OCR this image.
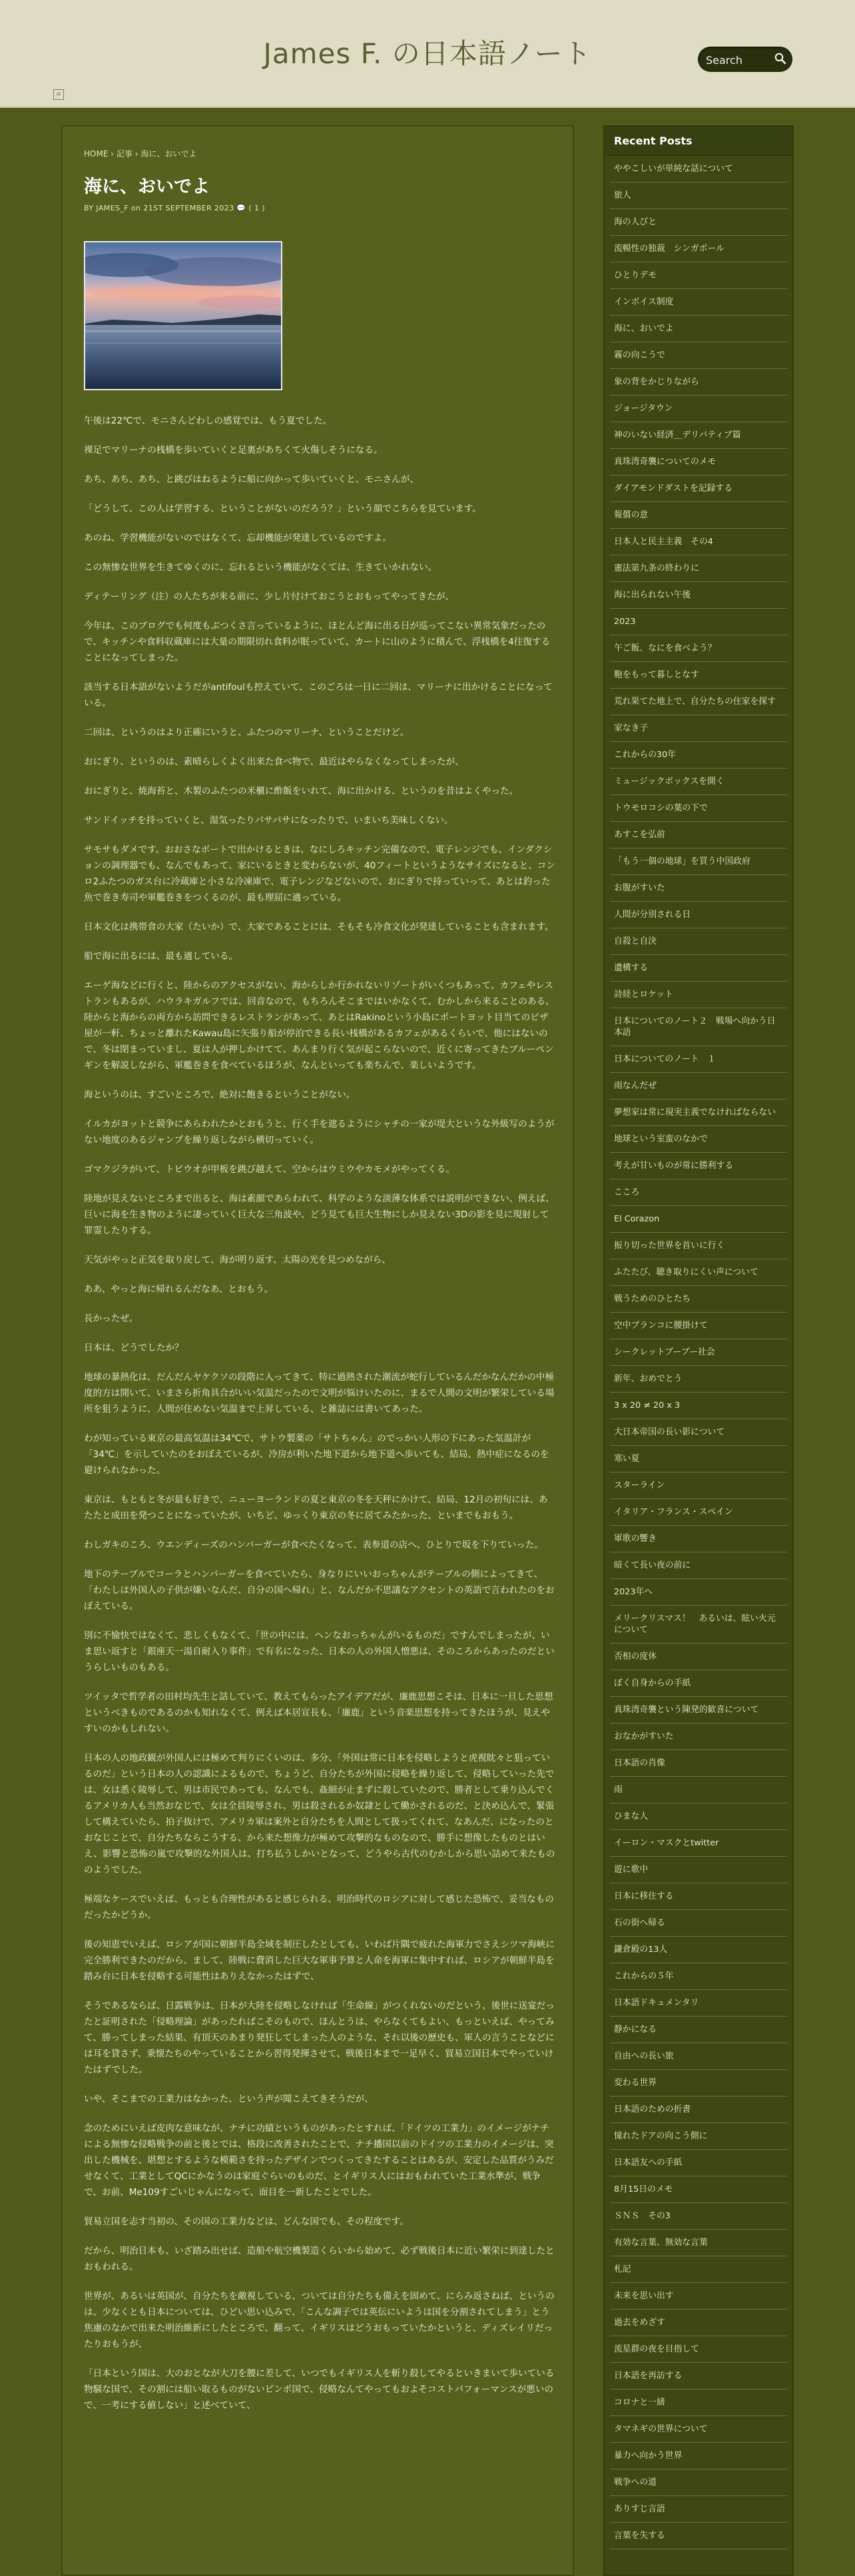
James F. の日本語ノート
Search
≡
HOME › 記事 › 海に、おいでよ
海に、おいでよ
BY JAMES_F on 21ST SEPTEMBER 2023 💬 ( 1 )

午後は22℃で、モニさんどわしの感覚では、もう夏でした。

裸足でマリーナの桟橋を歩いていくと足裏があちくて火傷しそうになる。

あち、あち、あち、と跳びはねるように船に向かって歩いていくと、モニさんが、

「どうして、この人は学習する、ということがないのだろう？」という顔でこちらを見ています。

あのね、学習機能がないのではなくて、忘却機能が発達しているのですよ。

この無惨な世界を生きてゆくのに、忘れるという機能がなくては、生きていかれない。

ディテーリング（注）の人たちが来る前に、少し片付けておこうとおもってやってきたが、

今年は、このブログでも何度もぶつくさ言っているように、ほとんど海に出る日が巡ってこない異常気象だったので、キッチンや食料収蔵庫には大量の期限切れ食料が眠っていて、カートに山のように積んで、浮桟橋を4往復することになってしまった。

該当する日本語がないようだがantifoulも控えていて、このごろは一日に二回は、マリーナに出かけることになっている。

二回は、というのはより正確にいうと、ふたつのマリーナ、ということだけど。

おにぎり、というのは、素晴らしくよく出来た食べ物で、最近はやらなくなってしまったが、

おにぎりと、焼海苔と、木製のふたつの米櫃に酢飯をいれて、海に出かける、というのを昔はよくやった。

サンドイッチを持っていくと、湿気ったりパサパサになったりで、いまいち美味しくない。

サモサもダメです。おおさなボートで出かけるときは、なにしろキッチン完備なので、電子レンジでも、インダクションの調理器でも、なんでもあって、家にいるときと変わらないが、40フィートというようなサイズになると、コンロ2ふたつのガス台に冷蔵庫と小さな冷凍庫で、電子レンジなどないので、おにぎりで持っていって、あとは釣った魚で巻き寿司や軍艦巻きをつくるのが、最も理屈に適っている。

日本文化は携帯食の大家（たいか）で、大家であることには、そもそも冷食文化が発達していることも含まれます。

船で海に出るには、最も適している。

エーゲ海などに行くと、陸からのアクセスがない、海からしか行かれないリゾートがいくつもあって、カフェやレストランもあるが、ハウラキガルフでは、回音なので、もちろんそこまではいかなくて、むかしから来ることのある、陸からと海からの両方から訪問できるレストランがあって、あとはRakinoという小島にポートヨット目当てのピザ屋が一軒、ちょっと離れたKawau島に矢張り船が停泊できる長い桟橋があるカフェがあるくらいで、他にはないので、冬は閉まっていまし、夏は人が押しかけてて、あんまり行く気が起こらないので、近くに寄ってきたブルーペンギンを解説しながら、軍艦巻きを食べているほうが、なんといっても楽ちんで、楽しいようです。

海というのは、すごいところで、絶対に飽きるということがない。

イルカがヨットと競争にあらわれたかとおもうと、行く手を遮るようにシャチの一家が堤大というな外級写のようがない地度のあるジャンプを繰り返しながら横切っていく。

ゴマクジラがいて、トビウオが甲板を跳び越えて、空からはウミウやカモメがやってくる。

陸地が見えないところまで出ると、海は素顔であらわれて、科学のような淡薄な体系では説明ができない、例えば、巨いに海を生き物のように凄っていく巨大な三角波や、どう見ても巨大生物にしか見えない3Dの影を見に現射して罪霊したりする。

天気がやっと正気を取り戻して、海が明り返す、太陽の光を見つめながら、

ああ、やっと海に帰れるんだなあ、とおもう。

長かったぜ。

日本は、どうでしたか？

地球の暴熱化は、だんだんヤケクソの段階に入ってきて、特に過熱された潮流が蛇行しているんだかなんだかの中極度的方は開いて、いまさら折角具合がいい気温だったので文明が悩けいたのに、まるで人間の文明が繁栄している場所を狙うように、人間が住めない気温まで上昇している、と雑誌には書いてあった。

わが知っている東京の最高気温は34℃で、サトウ製薬の「サトちゃん」のでっかい人形の下にあった気温計が「34℃」を示していたのをおぼえているが、冷房が利いた地下道から地下道へ歩いても、結局、熱中症になるのを避けられなかった。

東京は、もともと冬が最も好きで、ニューヨーランドの夏と東京の冬を天秤にかけて、結局、12月の初旬には、あたたと成田を発つことになっていたが、いちど、ゆっくり東京の冬に居てみたかった、といまでもおもう。

わしガキのころ、ウエンディーズのハンバーガーが食べたくなって、表参道の店へ、ひとりで坂を下りていった。

地下のテーブルでコーラとハンバーガーを食べていたら、身なりにいいおっちゃんがテーブルの側によってきて、「わたしは外国人の子供が嫌いなんだ、自分の国へ帰れ」と、なんだか不思議なアクセントの英語で言われたのをおぼえている。

別に不愉快ではなくて、悲しくもなくて、「世の中には、ヘンなおっちゃんがいるものだ」ですんでしまったが、いま思い返すと「銀座天一湯自耐入り事件」で有名になった、日本の人の外国人憎悪は、そのころからあったのだというらしいものもある。

ツイッタで哲学者の田村均先生と話していて、教えてもらったアイデアだが、廉鹿思想こそは、日本に一旦した思想というべきものであるのかも知れなくて、例えば本居宣長も、「廉鹿」という音楽思想を持ってきたほうが、見えやすいのかもしれない。

日本の人の地政観が外国人には極めて判りにくいのは、多分、「外国は常に日本を侵略しようと虎視眈々と狙っているのだ」という日本の人の認識によるもので、ちょうど、自分たちが外国に侵略を繰り返して、侵略していった先では、女は悉く陵辱して、男は市民であっても、なんでも、姦細が止まずに殺していたので、勝者として乗り込んでくるアメリカ人も当然おなじで、女は全員陵辱され、男は殺されるか奴隷として働かされるのだ、と決め込んで、緊張して構えていたら、拍子抜けで、アメリカ軍は案外と自分たちを人間として扱ってくれて、なあんだ、になったのとおなじことで、自分たちならこうする、から来た想像力が極めて攻撃的なものなので、勝手に想像したものとはいえ、影響と恐怖の嵐で攻撃的な外国人は、打ち払うしかいとなって、どうやら古代のむかしから思い詰めて来たもののようでした。

極端なケースでいえば、もっとも合理性があると感じられる、明治時代のロシアに対して感じた恐怖で、妥当なものだったかどうか。

後の知恵でいえば、ロシアが国に朝鮮半島全域を制圧したとしても、いわば片隅で疲れた海軍力でさえシツマ海峡に完全勝利できたのだから、まして、陸戦に費消した巨大な軍事予算と人命を海軍に集中すれば、ロシアが朝鮮半島を踏み台に日本を侵略する可能性はありえなかったはずで、

そうであるならば、日露戦争は、日本が大陸を侵略しなければ「生命線」がつくれないのだという、後世に送宴だったと証明された「侵略理論」があったればこそのもので、ほんとうは、やらなくてもよい、もっといえば、やってみて、勝ってしまった結果、有頂天のあまり発狂してしまった人のような、それ以後の歴史も、軍人の言うことなどには耳を貸さず、乗懐たちのやっていることから習得発揮させて、戦後日本まで一足早く、貿易立国日本でやっていけたはずでした。

いや、そこまでの工業力はなかった、という声が聞こえてきそうだが、

念のためにいえば皮肉な意味なが、ナチに功績というものがあったとすれば、「ドイツの工業力」のイメージがナチによる無惨な侵略戦争の前と後とでは、格段に改善されたことで、ナチ播国以前のドイツの工業力のイメージは、突出した機械を、堪想とするような模範さを持ったデザインでつくってきたすることはあるが、安定した品質がうみだせなくて、工業としてQCにかなうのは家庭ぐらいのものだ、とイギリス人にはおもわれていた工業水準が、戦争で、お前、Me109すごいじゃんになって、面目を一新したことでした。

貿易立国を志す当初の、その国の工業力などは、どんな国でも、その程度です。

だから、明治日本も、いざ踏み出せば、造船や航空機製造くらいから始めて、必ず戦後日本に近い繁栄に到達したとおもわれる。

世界が、あるいは英国が、自分たちを敵視している、ついては自分たちも備えを固めて、にらみ返さねば、というのは、少なくとも日本については、ひどい思い込みで、「こんな調子では英伝にいようは国を分割されてしまう」とう焦慮のなかで出来た明治維新にしたところで、翻って、イギリスはどうおもっていたかというと、ディズレイリだったりおもうが、

「日本という国は、大のおとなが大刀を腰に差して、いつでもイギリス人を斬り殺してやるといきまいて歩いている物騒な国で、その割には船い取るものがないピンポ国で、侵略なんてやってもおよそコストパフォーマンスが悪いので、一考にする値しない」と述べていて、

Recent Posts
ややこしいが単純な話について
旅人
海の人びと
流暢性の独裁　シンガポール
ひとりデモ
インボイス制度
海に、おいでよ
霧の向こうで
象の背をかじりながら
ジョージタウン
神のいない経済＿デリバティブ篇
真珠湾奇襲についてのメモ
ダイアモンドダストを記録する
報償の意
日本人と民主主義　その4
憲法第九条の終わりに
海に出られない午後
2023
午ご飯、なにを食べよう？
鞄をもって暮しとなす
荒れ果てた地上で、自分たちの住家を探す
家なき子
これからの30年
ミュージックボックスを開く
トウモロコシの葉の下で
あすこを弘前
「もう一個の地球」を買う中国政府
お腹がすいた
人間が分別される日
自殺と自決
遺構する
詩経とロケット
日本についてのノート２　戦場へ向かう日本語
日本についてのノート　１
雨なんだぜ
夢想家は常に現実主義でなければならない
地球という室蛮のなかで
考えが甘いものが常に勝利する
こころ
El Corazon
振り切った世界を首いに行く
ふたたび、聴き取りにくい声について
戦うためのひとたち
空中ブランコに腰掛けて
シークレットブーブー社会
新年、おめでとう
3 x 20 ≠ 20 x 3
大日本帝国の長い影について
寒い夏
スターライン
イタリア・フランス・スペイン
軍歌の響き
暗くて長い夜の前に
2023年へ
メリークリスマス！　あるいは、眩い火元について
否相の度休
ぼく自身からの手紙
真珠湾奇襲という陳発的歓喜について
おなかがすいた
日本語の肖像
雨
ひまな人
イーロン・マスクとtwitter
遊に歌中
日本に移住する
石の街へ帰る
鎌倉殿の13人
これからの５年
日本語ドキュメンタリ
静かになる
自由への長い旅
変わる世界
日本語のための折書
憧れたドアの向こう側に
日本語友への手紙
8月15日のメモ
ＳＮＳ　その3
有効な言葉、無効な言葉
札記
未来を思い出す
過去をめざす
流星群の夜を目指して
日本語を再訪する
コロナと一緒
タマネギの世界について
暴力へ向かう世界
戦争への道
ありすじ言語
言葉を失する
